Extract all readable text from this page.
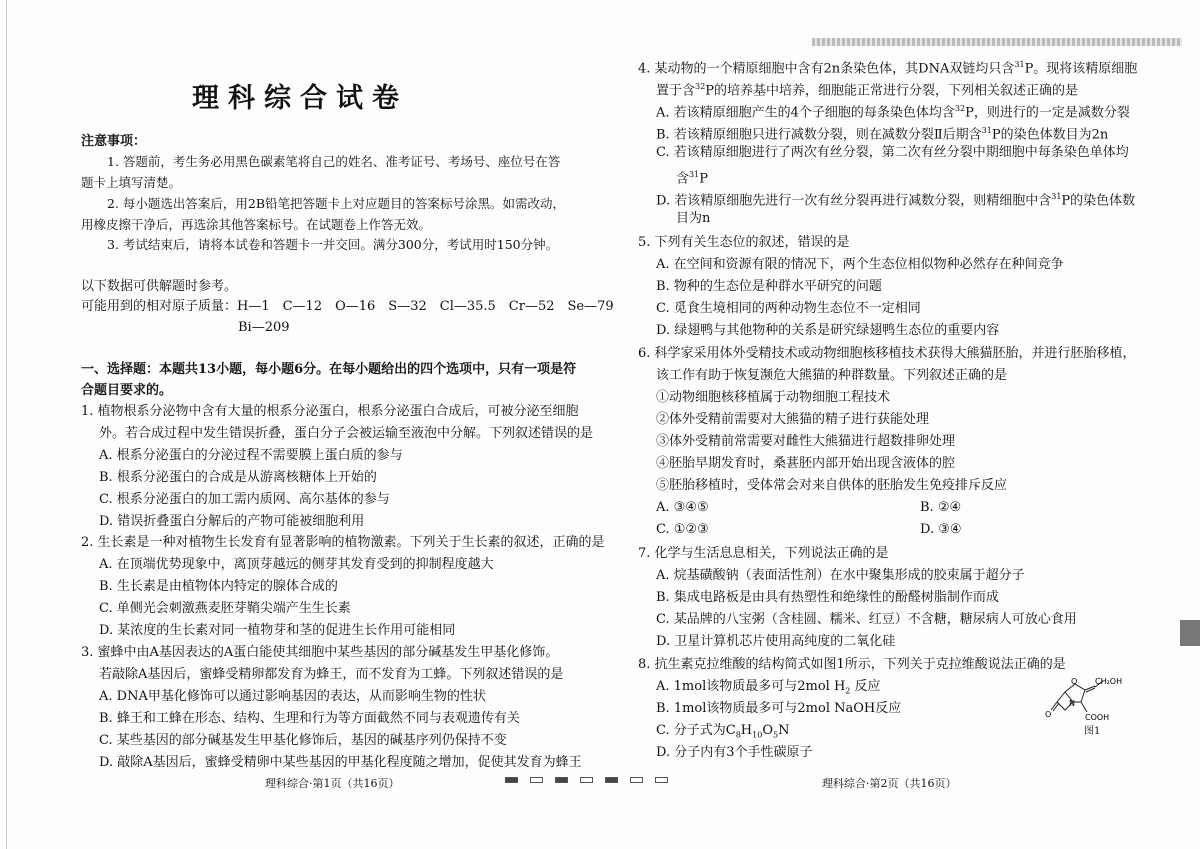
理科综合试卷
注意事项：
1. 答题前，考生务必用黑色碳素笔将自己的姓名、准考证号、考场号、座位号在答
题卡上填写清楚。
2. 每小题选出答案后，用2B铅笔把答题卡上对应题目的答案标号涂黑。如需改动，
用橡皮擦干净后，再选涂其他答案标号。在试题卷上作答无效。
3. 考试结束后，请将本试卷和答题卡一并交回。满分300分，考试用时150分钟。
以下数据可供解题时参考。
可能用到的相对原子质量：H—1　C—12　O—16　S—32　Cl—35.5　Cr—52　Se—79
Bi—209
一、选择题：本题共13小题，每小题6分。在每小题给出的四个选项中，只有一项是符
合题目要求的。
1. 植物根系分泌物中含有大量的根系分泌蛋白，根系分泌蛋白合成后，可被分泌至细胞
外。若合成过程中发生错误折叠，蛋白分子会被运输至液泡中分解。下列叙述错误的是
A. 根系分泌蛋白的分泌过程不需要膜上蛋白质的参与
B. 根系分泌蛋白的合成是从游离核糖体上开始的
C. 根系分泌蛋白的加工需内质网、高尔基体的参与
D. 错误折叠蛋白分解后的产物可能被细胞利用
2. 生长素是一种对植物生长发育有显著影响的植物激素。下列关于生长素的叙述，正确的是
A. 在顶端优势现象中，离顶芽越远的侧芽其发育受到的抑制程度越大
B. 生长素是由植物体内特定的腺体合成的
C. 单侧光会刺激燕麦胚芽鞘尖端产生生长素
D. 某浓度的生长素对同一植物芽和茎的促进生长作用可能相同
3. 蜜蜂中由A基因表达的A蛋白能使其细胞中某些基因的部分碱基发生甲基化修饰。
若敲除A基因后，蜜蜂受精卵都发育为蜂王，而不发育为工蜂。下列叙述错误的是
A. DNA甲基化修饰可以通过影响基因的表达，从而影响生物的性状
B. 蜂王和工蜂在形态、结构、生理和行为等方面截然不同与表观遗传有关
C. 某些基因的部分碱基发生甲基化修饰后，基因的碱基序列仍保持不变
D. 敲除A基因后，蜜蜂受精卵中某些基因的甲基化程度随之增加，促使其发育为蜂王
理科综合·第1页（共16页）
4. 某动物的一个精原细胞中含有2n条染色体，其DNA双链均只含$^{31}$P。现将该精原细胞
置于含$^{32}$P的培养基中培养，细胞能正常进行分裂，下列相关叙述正确的是
A. 若该精原细胞产生的4个子细胞的每条染色体均含$^{32}$P，则进行的一定是减数分裂
B. 若该精原细胞只进行减数分裂，则在减数分裂Ⅱ后期含$^{31}$P的染色体数目为2n
C. 若该精原细胞进行了两次有丝分裂，第二次有丝分裂中期细胞中每条染色单体均
含$^{31}$P
D. 若该精原细胞先进行一次有丝分裂再进行减数分裂，则精细胞中含$^{31}$P的染色体数
目为n
5. 下列有关生态位的叙述，错误的是
A. 在空间和资源有限的情况下，两个生态位相似物种必然存在种间竞争
B. 物种的生态位是种群水平研究的问题
C. 觅食生境相同的两种动物生态位不一定相同
D. 绿翅鸭与其他物种的关系是研究绿翅鸭生态位的重要内容
6. 科学家采用体外受精技术或动物细胞核移植技术获得大熊猫胚胎，并进行胚胎移植，
该工作有助于恢复濒危大熊猫的种群数量。下列叙述正确的是
①动物细胞核移植属于动物细胞工程技术
②体外受精前需要对大熊猫的精子进行获能处理
③体外受精前常需要对雌性大熊猫进行超数排卵处理
④胚胎早期发育时，桑葚胚内部开始出现含液体的腔
⑤胚胎移植时，受体常会对来自供体的胚胎发生免疫排斥反应
A. ③④⑤	B. ②④
C. ①②③	D. ③④
7. 化学与生活息息相关，下列说法正确的是
A. 烷基磺酸钠（表面活性剂）在水中聚集形成的胶束属于超分子
B. 集成电路板是由具有热塑性和绝缘性的酚醛树脂制作而成
C. 某品牌的八宝粥（含桂圆、糯米、红豆）不含糖，糖尿病人可放心食用
D. 卫星计算机芯片使用高纯度的二氧化硅
8. 抗生素克拉维酸的结构简式如图1所示，下列关于克拉维酸说法正确的是
A. 1mol该物质最多可与2mol $H_2$ 反应
B. 1mol该物质最多可与2mol NaOH反应
C. 分子式为$C_8H_{10}O_5N$
D. 分子内有3个手性碳原子
理科综合·第2页（共16页）
O
N
O
CH₂OH
COOH
图1
